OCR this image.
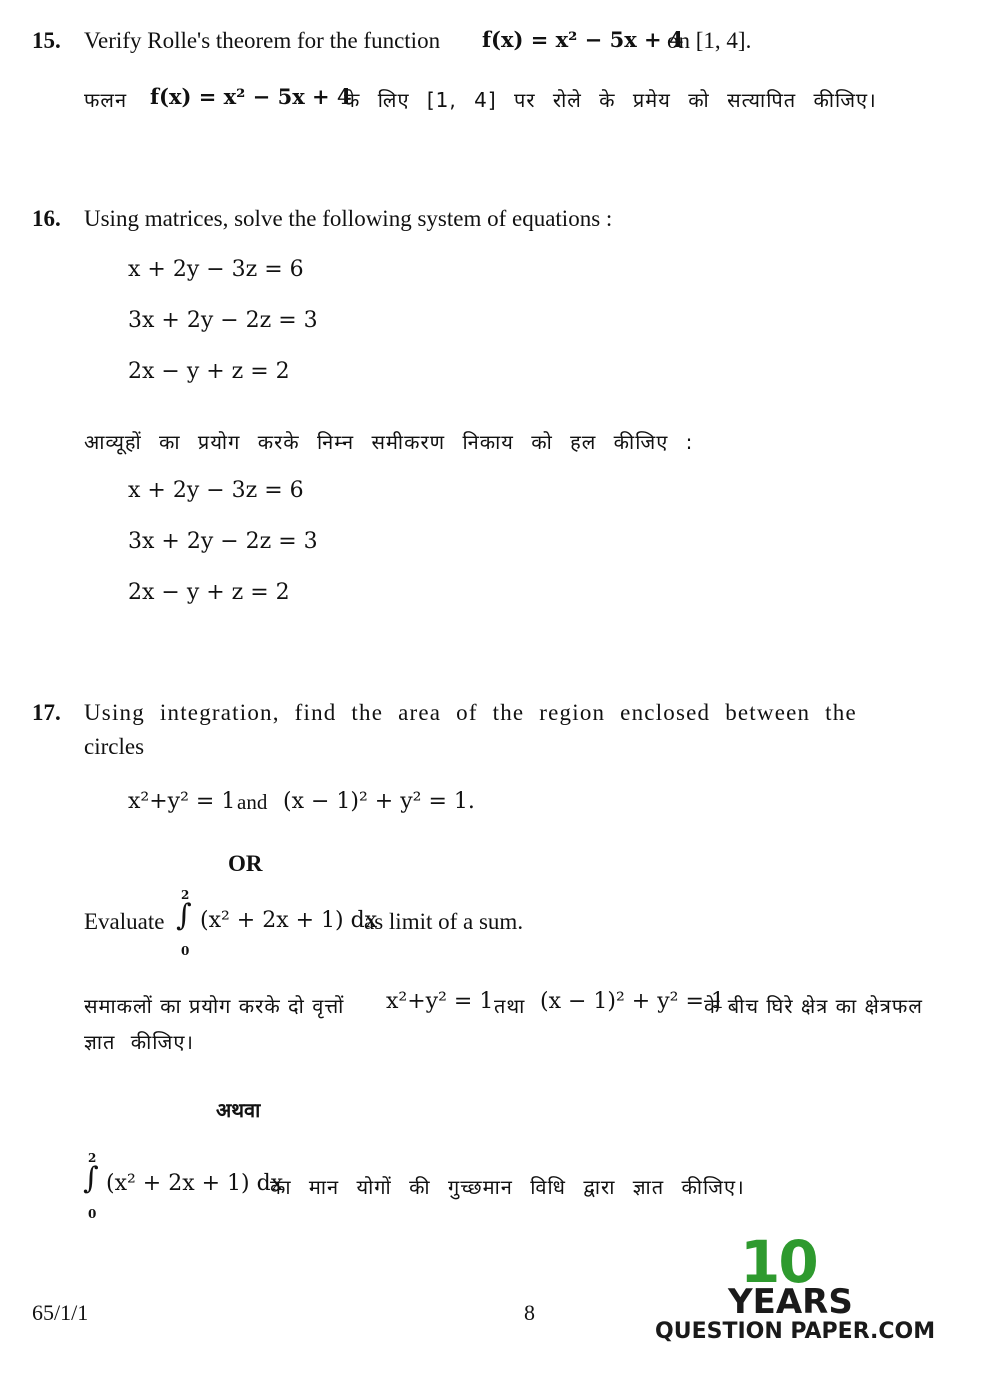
15. Verify Rolle's theorem for the function f(x) = x² − 5x + 4
on [1, 4].
फलन f(x) = x² − 5x + 4
के लिए [1, 4] पर रोले के प्रमेय को सत्यापित कीजिए।
16. Using matrices, solve the following system of equations :
x + 2y − 3z = 6
3x + 2y − 2z = 3
2x − y + z = 2
आव्यूहों का प्रयोग करके निम्न समीकरण निकाय को हल कीजिए :
x + 2y − 3z = 6
3x + 2y − 2z = 3
2x − y + z = 2
17. Using integration, find the area of the region enclosed between the
circles
x²+y² = 1 and (x − 1)² + y² = 1.
OR
Evaluate
2
∫
0
(x² + 2x + 1) dx
as limit of a sum.
समाकलों का प्रयोग करके दो वृत्तों x²+y² = 1 तथा (x − 1)² + y² = 1
के बीच घिरे क्षेत्र का क्षेत्रफल
ज्ञात कीजिए।
अथवा
2
∫
0
(x² + 2x + 1) dx
का मान योगों की गुच्छमान विधि द्वारा ज्ञात कीजिए।
65/1/1	8
10
YEARS
QUESTION PAPER.COM
